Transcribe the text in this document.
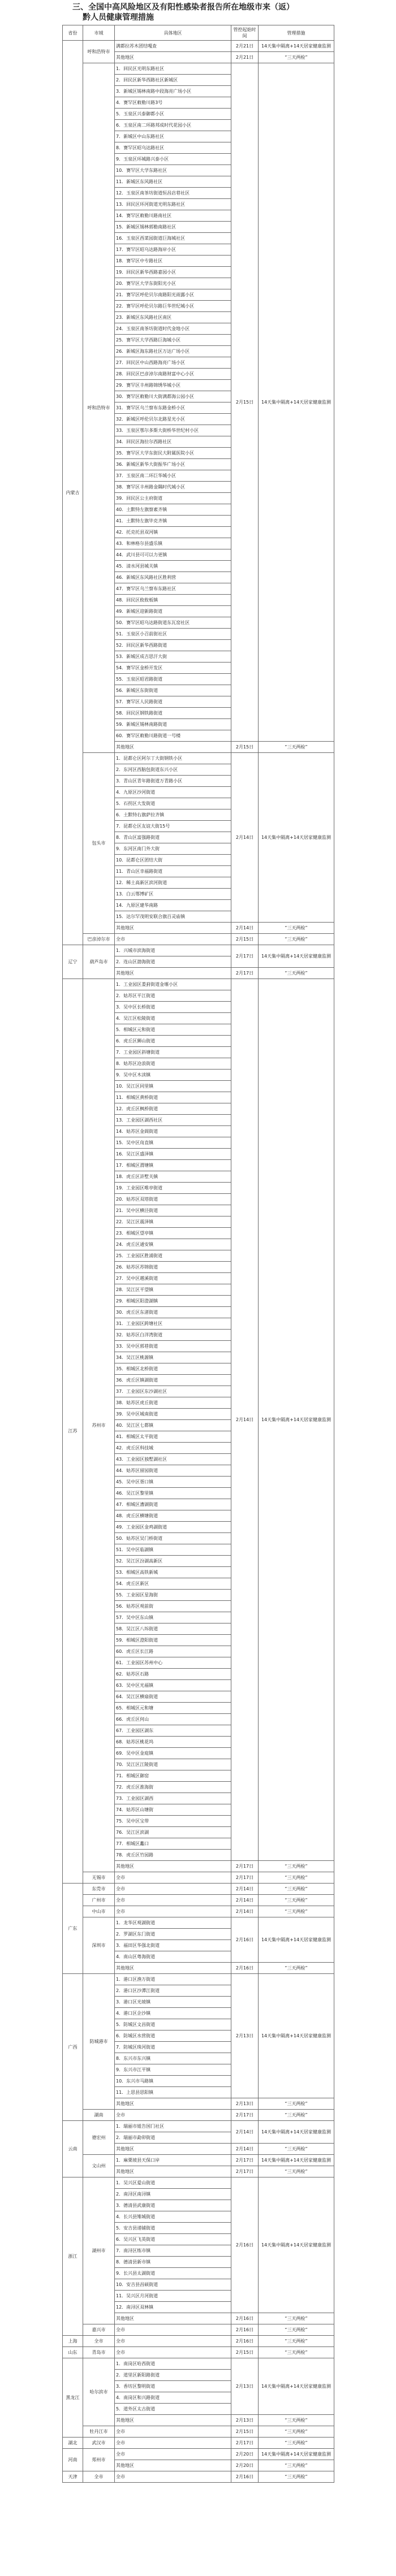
三、全国中高风险地区及有阳性感染者报告所在地级市来（返）
黔人员健康管理措施
省份	市域	具体地区	管控起始时间	管理措施
内蒙古	呼和浩特市	满都拉苏木团结嘎查	2月21日	14天集中隔离+14天居家健康监测
		其他地区	2月21日	“三天两检”
	呼和浩特市	1．回民区光明东路社区	2月15日	14天集中隔离+14天居家健康监测
		2．回民区新华西路社区新城区		
		3．新城区锡林南路中段海亮广场小区		
		4．赛罕区敕勒川路3号		
		5．玉泉区兴泰御都小区		
		6．玉泉区南二环路邦成时代花园小区		
		7．新城区中山东路社区		
		8．赛罕区昭乌达路社区		
		9．玉泉区环城路兴泰小区		
		10．赛罕区大学东路社区		
		11．新城区东风路社区		
		12．玉泉区南茶坊街道恒昌店巷社区		
		13．回民区环河街道光明东路社区		
		14．赛罕区敕勒川路南社区		
		15．新城区锡林郭勒南路社区		
		16．玉泉区西菜园街道巨海城社区		
		17．赛罕区昭乌达路海岸小区		
		18．赛罕区中专路社区		
		19．回民区新华西路嘉园小区		
		20．赛罕区大学东街阳光小区		
		21．赛罕区呼伦贝尔南路阳光雨露小区		
		22．赛罕区呼伦贝尔路巨华世纪城小区		
		23．新城区东风路社区南区		
		24．玉泉区南茶坊街道时代金地小区		
		25．赛罕区大学西路巨海城小区		
		26．新城区海东路社区万达广场小区		
		27．回民区中山西路海亮广场小区		
		28．回民区巴彦淖尔南路财富中心小区		
		29．赛罕区丰州路锦绣华城小区		
		30．赛罕区敕勒川大街满都海公园小区		
		31．赛罕区乌兰察布东路金桥小区		
		32．新城区呼伦贝尔北路星光小区		
		33．玉泉区鄂尔多斯大街桥华世纪村小区		
		34．回民区海拉尔西路社区		
		35．赛罕区大学东街民大附属医院小区		
		36．新城区新华大街振华广场小区		
		37．玉泉区南二环巨华城小区		
		38．赛罕区丰州路金隅时代城小区		
		39．回民区公主府街道		
		40．土默特左旗察素齐镇		
		41．土默特左旗毕克齐镇		
		42．托克托县双河镇		
		43．和林格尔县盛乐镇		
		44．武川县可可以力更镇		
		45．清水河县城关镇		
		46．新城区东风路社区胜利营		
		47．赛罕区乌兰察布东路社区		
		48．回民区攸攸板镇		
		49．新城区迎新路街道		
		50．赛罕区昭乌达路街道东瓦窑社区		
		51．玉泉区小召前街社区		
		52．回民区新华西路街道		
		53．新城区成吉思汗大街		
		54．赛罕区金桥开发区		
		55．玉泉区昭君路街道		
		56．新城区东街街道		
		57．赛罕区人民路街道		
		58．回民区钢铁路街道		
		59．新城区锡林南路街道		
		60．赛罕区敕勒川路街道一号楼		
		其他地区	2月15日	“三天两检”
	包头市	1．昆都仑区阿尔丁大街钢铁小区	2月14日	14天集中隔离+14天居家健康监测
		2．东河区西脑包街道东兴小区		
		3．青山区青年路街道万青路小区		
		4．九原区沙河街道		
		5．石拐区大发街道		
		6．土默特右旗萨拉齐镇		
		7．昆都仑区友谊大街15号		
		8．青山区富强路街道		
		9．东河区南门外大街		
		10．昆都仑区团结大街		
		11．青山区幸福路街道		
		12．稀土高新区滨河街道		
		13．白云鄂博矿区		
		14．九原区建华南路		
		15．达尔罕茂明安联合旗百灵庙镇		
		其他地区	2月14日	“三天两检”
	巴彦淖尔市	全市	2月15日	“三天两检”
辽宁	葫芦岛市	1．兴城市滨海街道	2月17日	14天集中隔离+14天居家健康监测
		2．连山区渤海街道		
		其他地区	2月17日	“三天两检”
江苏	苏州市	1．工业园区娄葑街道金堰小区	2月14日	14天集中隔离+14天居家健康监测
		2．姑苏区平江街道		
		3．吴中区长桥街道		
		4．吴江区松陵街道		
		5．相城区元和街道		
		6．虎丘区狮山街道		
		7．工业园区斜塘街道		
		8．姑苏区沧浪街道		
		9．吴中区木渎镇		
		10．吴江区同里镇		
		11．相城区黄桥街道		
		12．虎丘区枫桥街道		
		13．工业园区湖西社区		
		14．姑苏区金阊街道		
		15．吴中区甪直镇		
		16．吴江区盛泽镇		
		17．相城区渭塘镇		
		18．虎丘区浒墅关镇		
		19．工业园区唯亭街道		
		20．姑苏区双塔街道		
		21．吴中区横泾街道		
		22．吴江区震泽镇		
		23．相城区望亭镇		
		24．虎丘区通安镇		
		25．工业园区胜浦街道		
		26．姑苏区苏锦街道		
		27．吴中区越溪街道		
		28．吴江区平望镇		
		29．相城区阳澄湖镇		
		30．虎丘区东渚街道		
		31．工业园区跨塘社区		
		32．姑苏区白洋湾街道		
		33．吴中区郭巷街道		
		34．吴江区桃源镇		
		35．相城区北桥街道		
		36．虎丘区镇湖街道		
		37．工业园区东沙湖社区		
		38．姑苏区虎丘街道		
		39．吴中区城南街道		
		40．吴江区七都镇		
		41．相城区太平街道		
		42．虎丘区科技城		
		43．工业园区独墅湖社区		
		44．姑苏区留园街道		
		45．吴中区胥口镇		
		46．吴江区黎里镇		
		47．相城区漕湖街道		
		48．虎丘区横塘街道		
		49．工业园区金鸡湖街道		
		50．姑苏区吴门桥街道		
		51．吴中区临湖镇		
		52．吴江区汾湖高新区		
		53．相城区高铁新城		
		54．虎丘区新区		
		55．工业园区星海街		
		56．姑苏区观前街		
		57．吴中区东山镇		
		58．吴江区八坼街道		
		59．相城区澄阳街道		
		60．虎丘区长江路		
		61．工业园区苏州中心		
		62．姑苏区石路		
		63．吴中区光福镇		
		64．吴江区横扇街道		
		65．相城区元和塘		
		66．虎丘区何山		
		67．工业园区湖东		
		68．姑苏区桃花坞		
		69．吴中区金庭镇		
		70．吴江区江陵街道		
		71．相城区御窑		
		72．虎丘区淮海街		
		73．工业园区湖西		
		74．姑苏区山塘街		
		75．吴中区宝带		
		76．吴江区滨湖		
		77．相城区蠡口		
		78．虎丘区竹园路		
		其他地区	2月17日	“三天两检”
	无锡市	全市	2月17日	“三天两检”
广东	东莞市	全市	2月14日	“三天两检”
	广州市	全市	2月14日	“三天两检”
	中山市	全市	2月14日	“三天两检”
	深圳市	1．龙华区观湖街道	2月16日	14天集中隔离+14天居家健康监测
		2．罗湖区东门街道		
		3．福田区华强北街道		
		4．南山区粤海街道		
		其他地区	2月16日	“三天两检”
广西	防城港市	1．港口区渔万街道	2月13日	14天集中隔离+14天居家健康监测
		2．港口区沙潭江街道		
		3．港口区光坡镇		
		4．港口区企沙镇		
		5．防城区文昌街道		
		6．防城区水营街道		
		7．防城区珠河街道		
		8．东兴市东兴镇		
		9．东兴市江平镇		
		10．东兴市马路镇		
		11．上思县思阳镇		
		其他地区	2月13日	“三天两检”
	湖南	全市	2月17日	“三天两检”
云南	德宏州	1．瑞丽市姐告国门社区	2月14日	14天集中隔离+14天居家健康监测
		2．瑞丽市勐卯街道		
		其他地区	2月14日	“三天两检”
	文山州	1．麻栗坡县天保口岸	2月17日	14天集中隔离+14天居家健康监测
		其他地区	2月17日	“三天两检”
浙江	湖州市	1．吴兴区爱山街道	2月16日	14天集中隔离+14天居家健康监测
		2．南浔区南浔镇		
		3．德清县武康街道		
		4．长兴县雉城街道		
		5．安吉县递铺街道		
		6．吴兴区飞英街道		
		7．南浔区练市镇		
		8．德清县新市镇		
		9．长兴县太湖街道		
		10．安吉县昌硕街道		
		11．吴兴区月河街道		
		12．南浔区双林镇		
		其他地区	2月16日	“三天两检”
	嘉兴市	全市	2月16日	“三天两检”
上海	全市	全市	2月16日	“三天两检”
山东	青岛市	全市	2月15日	“三天两检”
黑龙江	哈尔滨市	1．南岗区哈西街道	2月13日	14天集中隔离+14天居家健康监测
		2．道里区新阳路街道		
		3．香坊区黎明街道		
		4．南岗区和兴路街道		
		5．道外区太古街道		
		其他地区	2月13日	“三天两检”
	牡丹江市	全市	2月15日	“三天两检”
湖北	武汉市	全市	2月17日	“三天两检”
河南	郑州市	全市	2月20日	14天集中隔离+14天居家健康监测
		其他地区	2月20日	“三天两检”
天津	全市	全市	2月16日	“三天两检”
